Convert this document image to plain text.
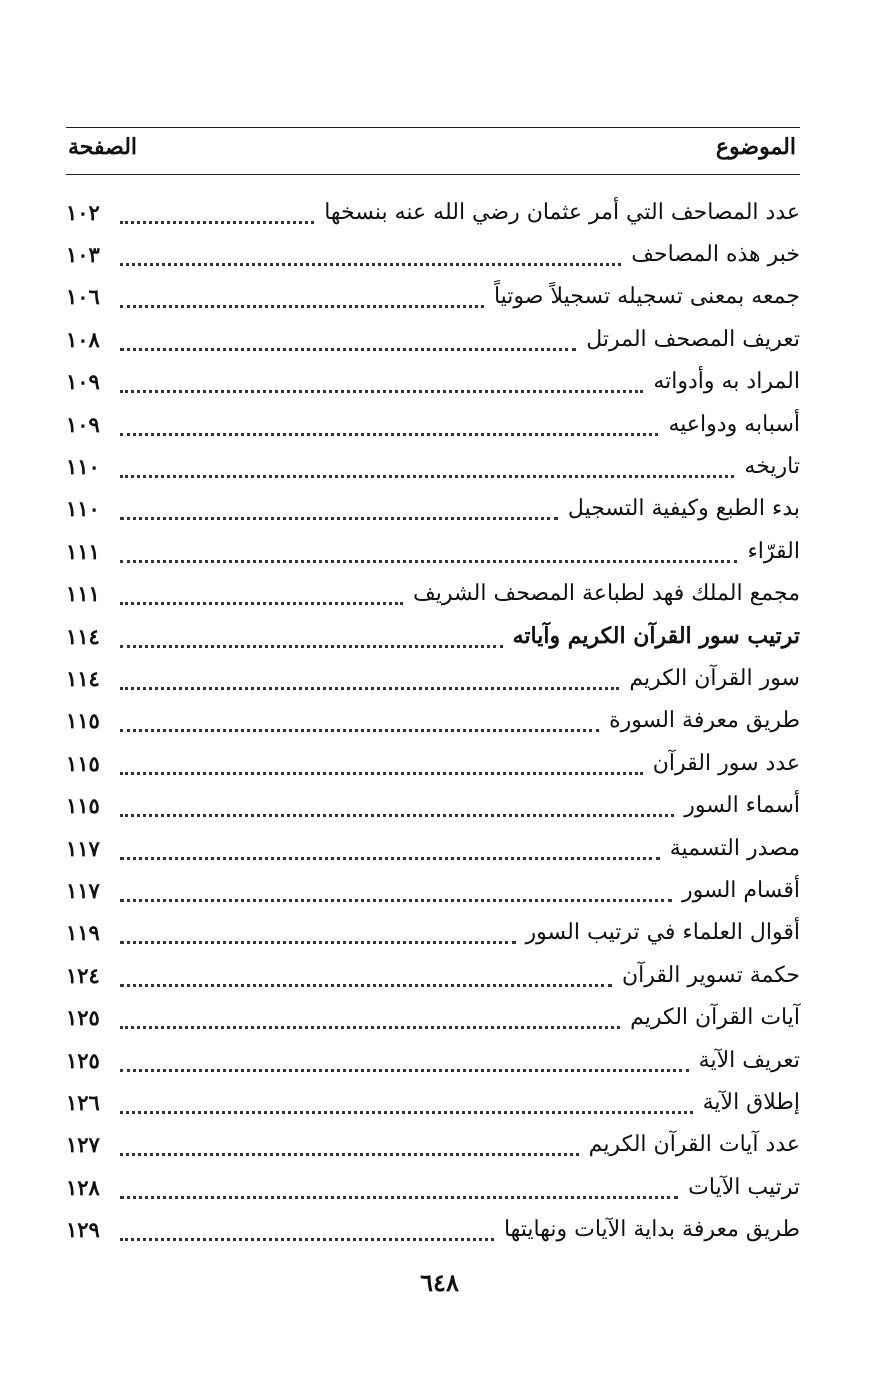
الموضوع
الصفحة
عدد المصاحف التي أمر عثمان رضي الله عنه بنسخها
١٠٢
خبر هذه المصاحف
١٠٣
جمعه بمعنى تسجيله تسجيلاً صوتياً
١٠٦
تعريف المصحف المرتل
١٠٨
المراد به وأدواته
١٠٩
أسبابه ودواعيه
١٠٩
تاريخه
١١٠
بدء الطبع وكيفية التسجيل
١١٠
القرّاء
١١١
مجمع الملك فهد لطباعة المصحف الشريف
١١١
ترتيب سور القرآن الكريم وآياته
١١٤
سور القرآن الكريم
١١٤
طريق معرفة السورة
١١٥
عدد سور القرآن
١١٥
أسماء السور
١١٥
مصدر التسمية
١١٧
أقسام السور
١١٧
أقوال العلماء في ترتيب السور
١١٩
حكمة تسوير القرآن
١٢٤
آيات القرآن الكريم
١٢٥
تعريف الآية
١٢٥
إطلاق الآية
١٢٦
عدد آيات القرآن الكريم
١٢٧
ترتيب الآيات
١٢٨
طريق معرفة بداية الآيات ونهايتها
١٢٩
٦٤٨
